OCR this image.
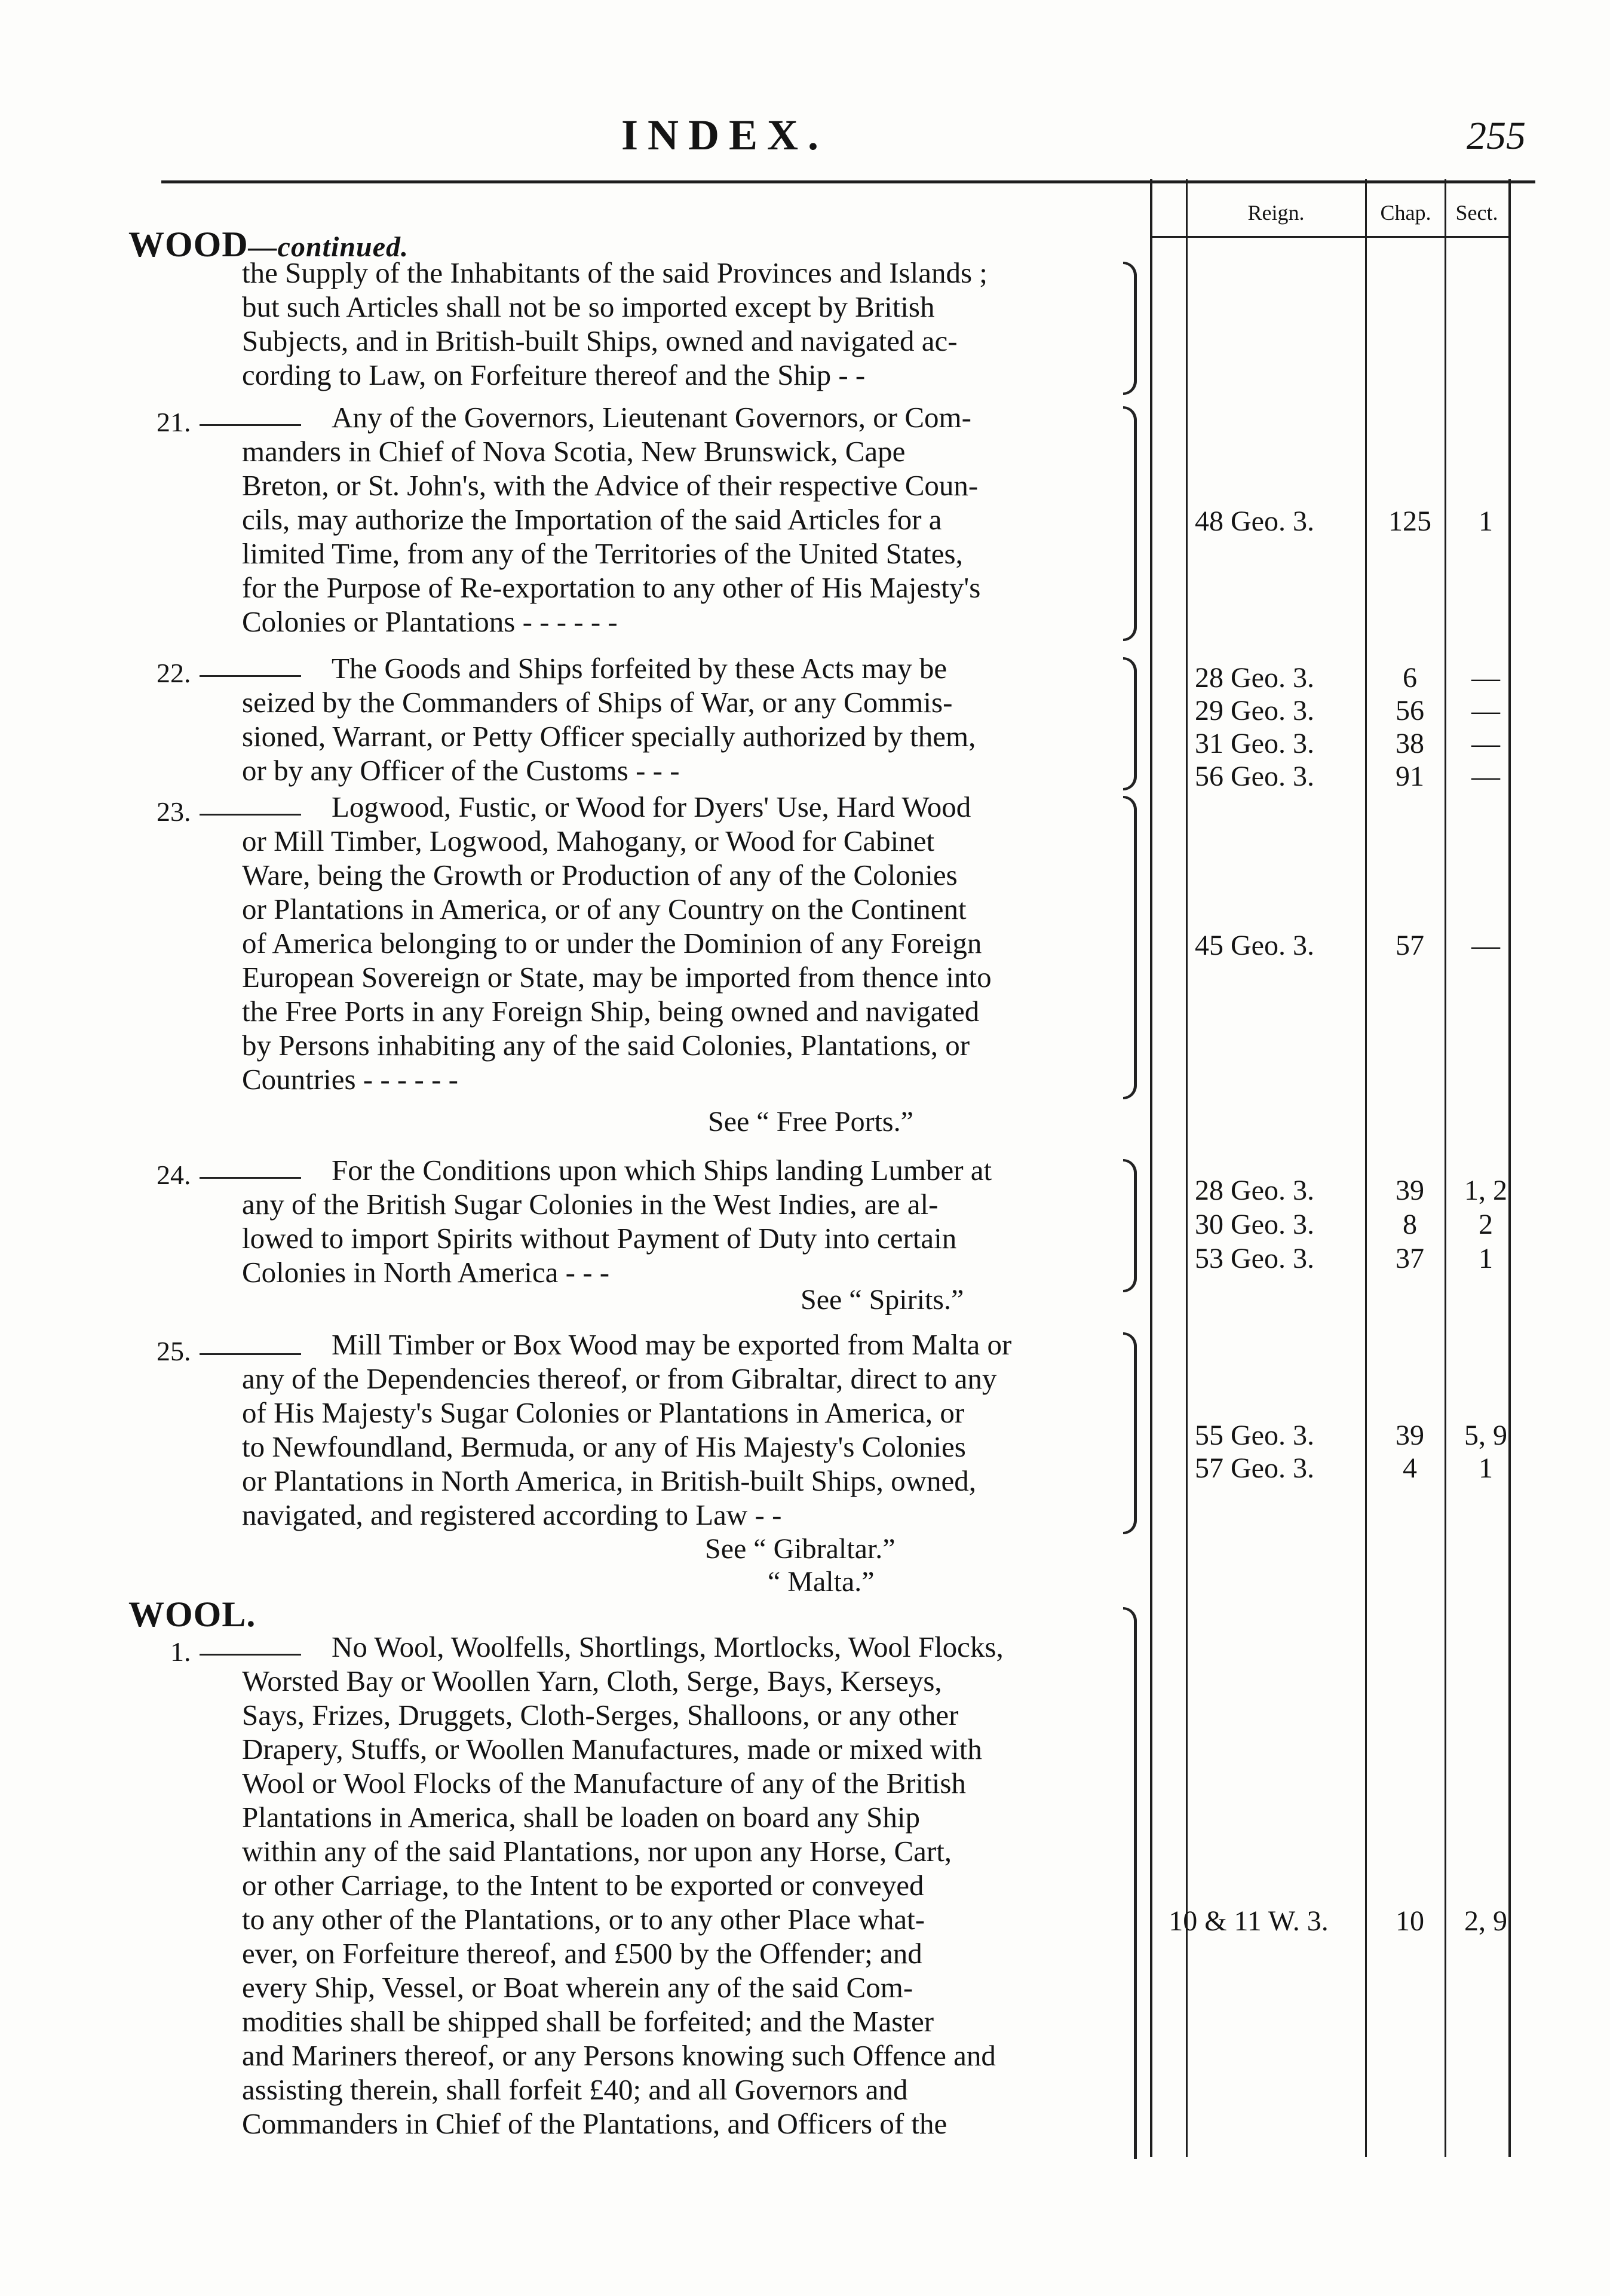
INDEX.	255
Reign.	Chap.	Sect.
WOOD—continued.
the Supply of the Inhabitants of the said Provinces and Islands ;
but such Articles shall not be so imported except by British
Subjects, and in British-built Ships, owned and navigated ac-
cording to Law, on Forfeiture thereof and the Ship - -
21.	Any of the Governors, Lieutenant Governors, or Com-
manders in Chief of Nova Scotia, New Brunswick, Cape
Breton, or St. John's, with the Advice of their respective Coun-
cils, may authorize the Importation of the said Articles for a
limited Time, from any of the Territories of the United States,
for the Purpose of Re-exportation to any other of His Majesty's
Colonies or Plantations - - - - - -
48 Geo. 3.	125	1
22.	The Goods and Ships forfeited by these Acts may be
seized by the Commanders of Ships of War, or any Commis-
sioned, Warrant, or Petty Officer specially authorized by them,
or by any Officer of the Customs - - -
28 Geo. 3.	6	—
29 Geo. 3.	56	—
31 Geo. 3.	38	—
56 Geo. 3.	91	—
23.	Logwood, Fustic, or Wood for Dyers' Use, Hard Wood
or Mill Timber, Logwood, Mahogany, or Wood for Cabinet
Ware, being the Growth or Production of any of the Colonies
or Plantations in America, or of any Country on the Continent
of America belonging to or under the Dominion of any Foreign
European Sovereign or State, may be imported from thence into
the Free Ports in any Foreign Ship, being owned and navigated
by Persons inhabiting any of the said Colonies, Plantations, or
Countries - - - - - -
See “ Free Ports.”
45 Geo. 3.	57	—
24.	For the Conditions upon which Ships landing Lumber at
any of the British Sugar Colonies in the West Indies, are al-
lowed to import Spirits without Payment of Duty into certain
Colonies in North America - - -
See “ Spirits.”
28 Geo. 3.	39	1, 2
30 Geo. 3.	8	2
53 Geo. 3.	37	1
25.	Mill Timber or Box Wood may be exported from Malta or
any of the Dependencies thereof, or from Gibraltar, direct to any
of His Majesty's Sugar Colonies or Plantations in America, or
to Newfoundland, Bermuda, or any of His Majesty's Colonies
or Plantations in North America, in British-built Ships, owned,
navigated, and registered according to Law - -
See “ Gibraltar.”
“ Malta.”
55 Geo. 3.	39	5, 9
57 Geo. 3.	4	1
WOOL.
1.	No Wool, Woolfells, Shortlings, Mortlocks, Wool Flocks,
Worsted Bay or Woollen Yarn, Cloth, Serge, Bays, Kerseys,
Says, Frizes, Druggets, Cloth-Serges, Shalloons, or any other
Drapery, Stuffs, or Woollen Manufactures, made or mixed with
Wool or Wool Flocks of the Manufacture of any of the British
Plantations in America, shall be loaden on board any Ship
within any of the said Plantations, nor upon any Horse, Cart,
or other Carriage, to the Intent to be exported or conveyed
to any other of the Plantations, or to any other Place what-
ever, on Forfeiture thereof, and £500 by the Offender; and
every Ship, Vessel, or Boat wherein any of the said Com-
modities shall be shipped shall be forfeited; and the Master
and Mariners thereof, or any Persons knowing such Offence and
assisting therein, shall forfeit £40; and all Governors and
Commanders in Chief of the Plantations, and Officers of the
10 & 11 W. 3.	10	2, 9
